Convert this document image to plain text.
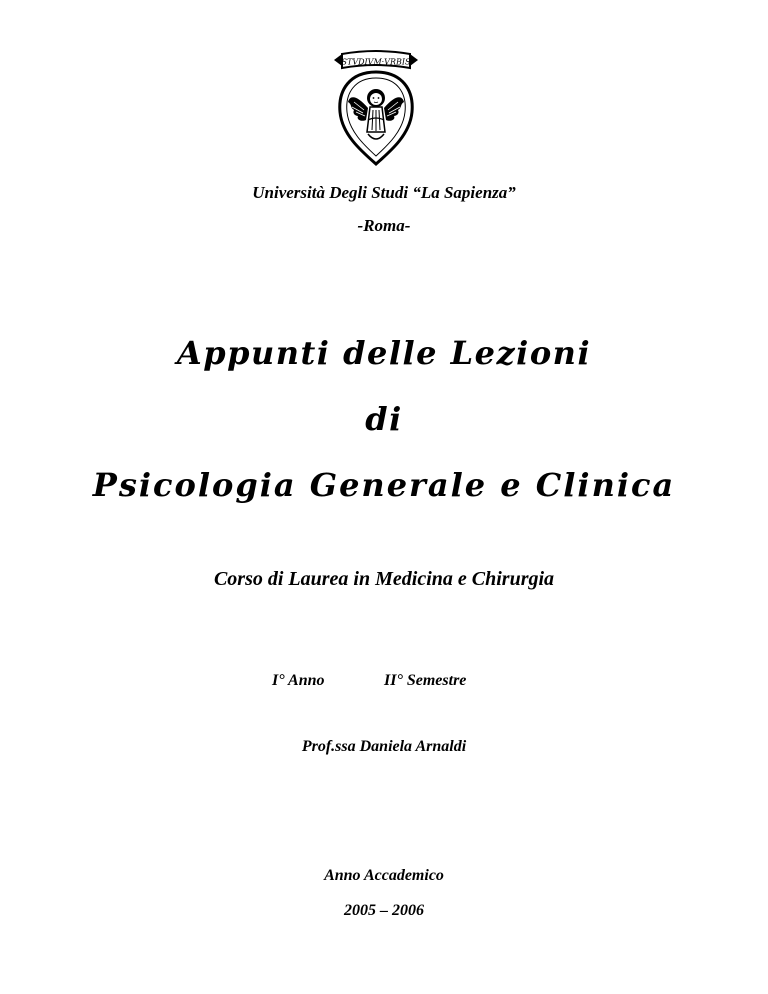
STVDIVM·VRBIS
Università Degli Studi “La Sapienza”
-Roma-
Appunti delle Lezioni
di
Psicologia Generale e Clinica
Corso di Laurea in Medicina e Chirurgia
I° Anno	II° Semestre
Prof.ssa Daniela Arnaldi
Anno Accademico
2005 – 2006
